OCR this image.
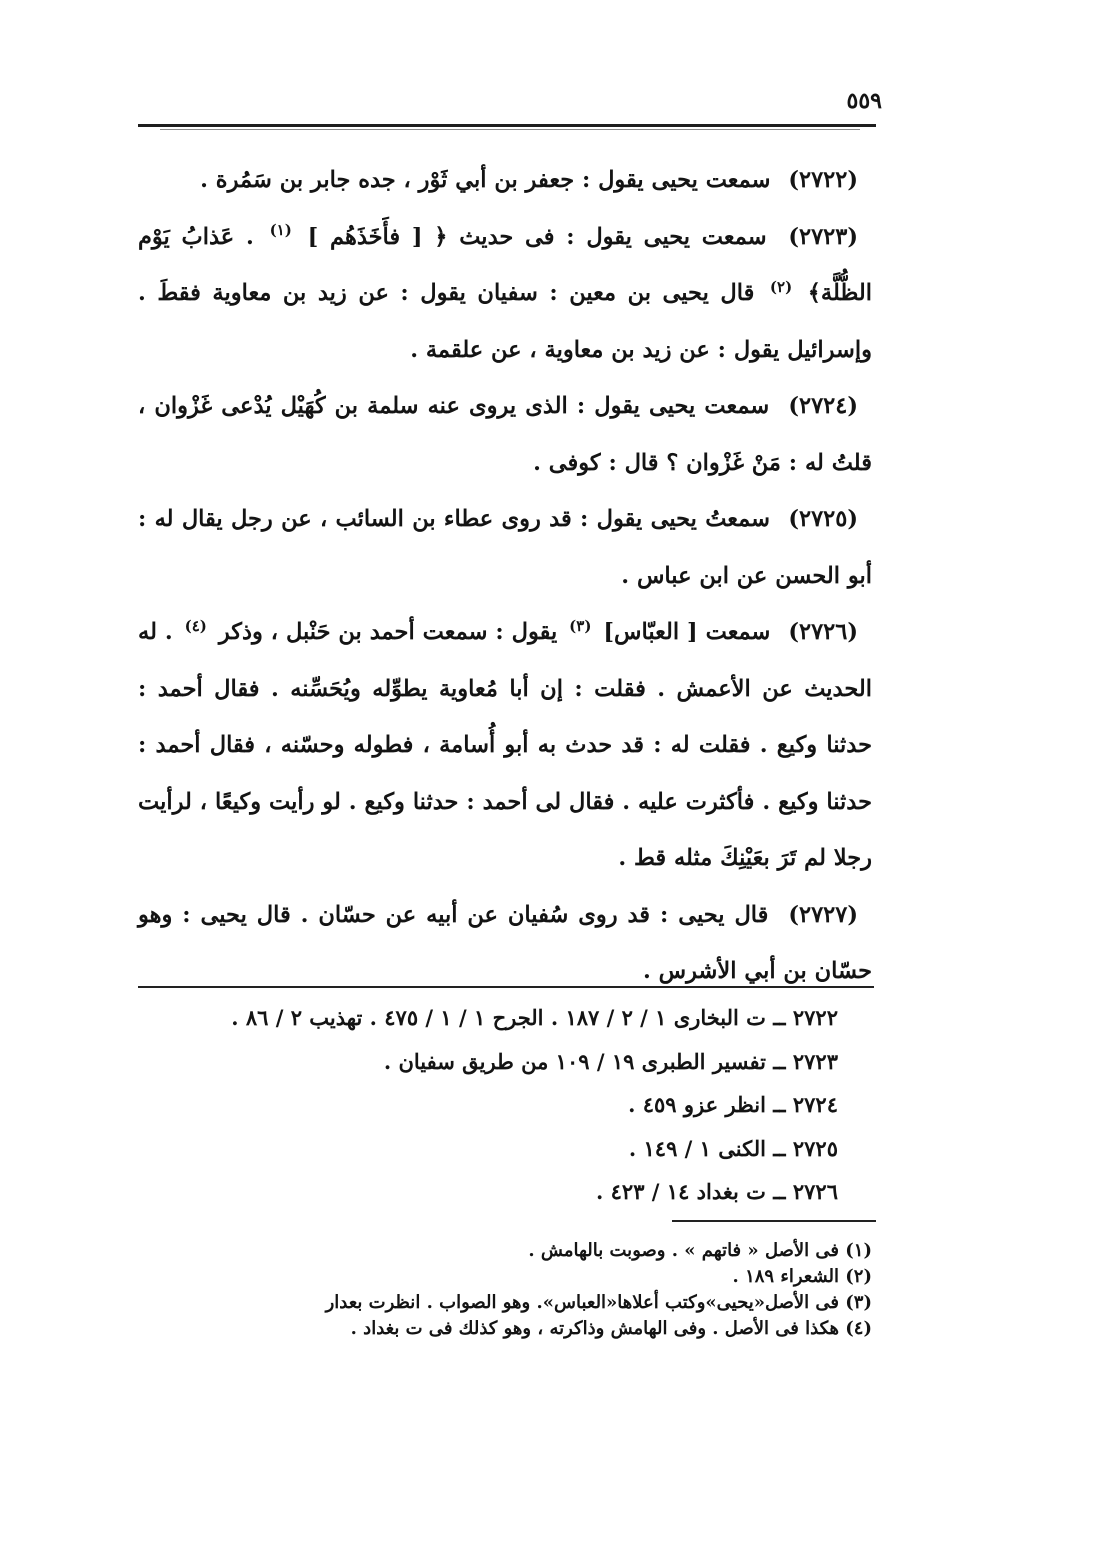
٥٥٩

(٢٧٢٢) سمعت يحيى يقول : جعفر بن أبي ثَوْر ، جده جابر بن سَمُرة .

(٢٧٢٣) سمعت يحيى يقول : فى حديث ﴿ [ فأَخَذَهُم ] $^{(١)}$ . عَذابُ يَوْم الظُّلَّة﴾ $^{(٢)}$ قال يحيى بن معين : سفيان يقول : عن زيد بن معاوية فقطَ . وإسرائيل يقول : عن زيد بن معاوية ، عن علقمة .

(٢٧٢٤) سمعت يحيى يقول : الذى يروى عنه سلمة بن كُهَيْل يُدْعى غَزْوان ، قلتُ له : مَنْ غَزْوان ؟ قال : كوفى .

(٢٧٢٥) سمعتُ يحيى يقول : قد روى عطاء بن السائب ، عن رجل يقال له : أبو الحسن عن ابن عباس .

(٢٧٢٦) سمعت [ العبّاس] $^{(٣)}$ يقول : سمعت أحمد بن حَنْبل ، وذكر $^{(٤)}$ . له الحديث عن الأعمش . فقلت : إن أبا مُعاوية يطوِّله ويُحَسِّنه . فقال أحمد : حدثنا وكيع . فقلت له : قد حدث به أبو أُسامة ، فطوله وحسّنه ، فقال أحمد : حدثنا وكيع . فأكثرت عليه . فقال لى أحمد : حدثنا وكيع . لو رأيت وكيعًا ، لرأيت رجلا لم تَرَ بعَيْنِكَ مثله قط .

(٢٧٢٧) قال يحيى : قد روى سُفيان عن أبيه عن حسّان . قال يحيى : وهو حسّان بن أبي الأشرس .

٢٧٢٢ ــ ت البخارى ١ / ٢ / ١٨٧ . الجرح ١ / ١ / ٤٧٥ . تهذيب ٢ / ٨٦ .
٢٧٢٣ ــ تفسير الطبرى ١٩ / ١٠٩ من طريق سفيان .
٢٧٢٤ ــ انظر عزو ٤٥٩ .
٢٧٢٥ ــ الكنى ١ / ١٤٩ .
٢٧٢٦ ــ ت بغداد ١٤ / ٤٢٣ .
(١) فى الأصل « فاتهم » . وصوبت بالهامش .
(٢) الشعراء ١٨٩ .
(٣) فى الأصل«يحيى»وكتب أعلاها«العباس». وهو الصواب . انظرت بعدار
(٤) هكذا فى الأصل . وفى الهامش وذاكرته ، وهو كذلك فى ت بغداد .
